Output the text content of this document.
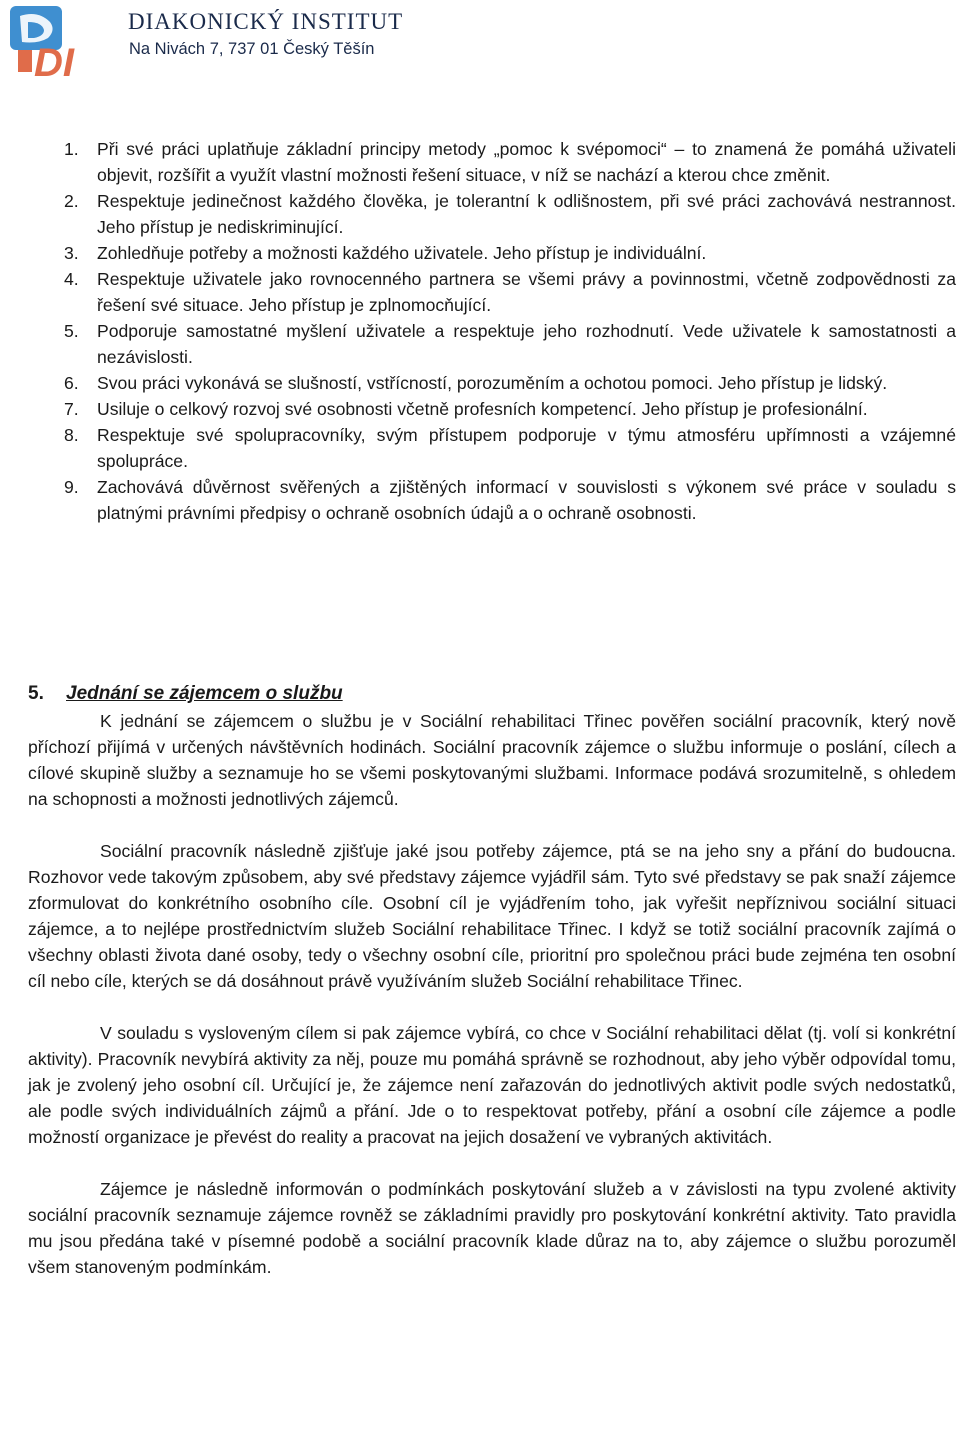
DI
DIAKONICKÝ INSTITUT
Na Nivách 7, 737 01 Český Těšín
1. Při své práci uplatňuje základní principy metody „pomoc k svépomoci“ – to znamená že pomáhá uživateli objevit, rozšířit a využít vlastní možnosti řešení situace, v níž se nachází a kterou chce změnit.
2. Respektuje jedinečnost každého člověka, je tolerantní k odlišnostem, při své práci zachovává nestrannost. Jeho přístup je nediskriminující.
3. Zohledňuje potřeby a možnosti každého uživatele. Jeho přístup je individuální.
4. Respektuje uživatele jako rovnocenného partnera se všemi právy a povinnostmi, včetně zodpovědnosti za řešení své situace. Jeho přístup je zplnomocňující.
5. Podporuje samostatné myšlení uživatele a respektuje jeho rozhodnutí. Vede uživatele k samostatnosti a nezávislosti.
6. Svou práci vykonává se slušností, vstřícností, porozuměním a ochotou pomoci. Jeho přístup je lidský.
7. Usiluje o celkový rozvoj své osobnosti včetně profesních kompetencí. Jeho přístup je profesionální.
8. Respektuje své spolupracovníky, svým přístupem podporuje v týmu atmosféru upřímnosti a vzájemné spolupráce.
9. Zachovává důvěrnost svěřených a zjištěných informací v souvislosti s výkonem své práce v souladu s platnými právními předpisy o ochraně osobních údajů a o ochraně osobnosti.
5. Jednání se zájemcem o službu

K jednání se zájemcem o službu je v Sociální rehabilitaci Třinec pověřen sociální pracovník, který nově příchozí přijímá v určených návštěvních hodinách. Sociální pracovník zájemce o službu informuje o poslání, cílech a cílové skupině služby a seznamuje ho se všemi poskytovanými službami. Informace podává srozumitelně, s ohledem na schopnosti a možnosti jednotlivých zájemců.

Sociální pracovník následně zjišťuje jaké jsou potřeby zájemce, ptá se na jeho sny a přání do budoucna. Rozhovor vede takovým způsobem, aby své představy zájemce vyjádřil sám. Tyto své představy se pak snaží zájemce zformulovat do konkrétního osobního cíle. Osobní cíl je vyjádřením toho, jak vyřešit nepříznivou sociální situaci zájemce, a to nejlépe prostřednictvím služeb Sociální rehabilitace Třinec. I když se totiž sociální pracovník zajímá o všechny oblasti života dané osoby, tedy o všechny osobní cíle, prioritní pro společnou práci bude zejména ten osobní cíl nebo cíle, kterých se dá dosáhnout právě využíváním služeb Sociální rehabilitace Třinec.

V souladu s vysloveným cílem si pak zájemce vybírá, co chce v Sociální rehabilitaci dělat (tj. volí si konkrétní aktivity). Pracovník nevybírá aktivity za něj, pouze mu pomáhá správně se rozhodnout, aby jeho výběr odpovídal tomu, jak je zvolený jeho osobní cíl. Určující je, že zájemce není zařazován do jednotlivých aktivit podle svých nedostatků, ale podle svých individuálních zájmů a přání. Jde o to respektovat potřeby, přání a osobní cíle zájemce a podle možností organizace je převést do reality a pracovat na jejich dosažení ve vybraných aktivitách.

Zájemce je následně informován o podmínkách poskytování služeb a v závislosti na typu zvolené aktivity sociální pracovník seznamuje zájemce rovněž se základními pravidly pro poskytování konkrétní aktivity. Tato pravidla mu jsou předána také v písemné podobě a sociální pracovník klade důraz na to, aby zájemce o službu porozuměl všem stanoveným podmínkám.
